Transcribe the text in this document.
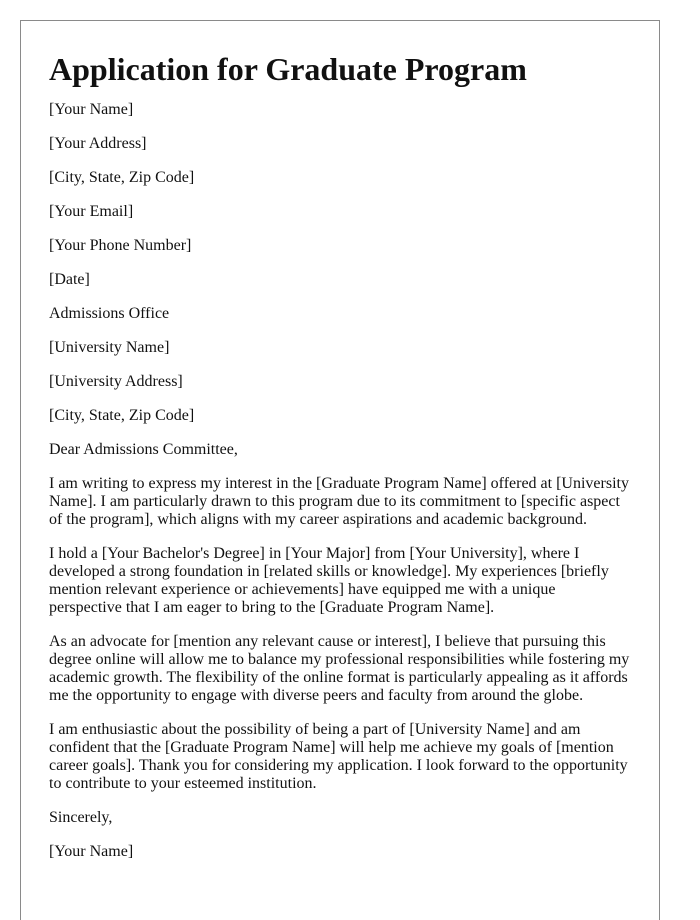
Application for Graduate Program

[Your Name]

[Your Address]

[City, State, Zip Code]

[Your Email]

[Your Phone Number]

[Date]

Admissions Office

[University Name]

[University Address]

[City, State, Zip Code]

Dear Admissions Committee,

I am writing to express my interest in the [Graduate Program Name] offered at [University Name]. I am particularly drawn to this program due to its commitment to [specific aspect of the program], which aligns with my career aspirations and academic background.

I hold a [Your Bachelor's Degree] in [Your Major] from [Your University], where I developed a strong foundation in [related skills or knowledge]. My experiences [briefly mention relevant experience or achievements] have equipped me with a unique perspective that I am eager to bring to the [Graduate Program Name].

As an advocate for [mention any relevant cause or interest], I believe that pursuing this degree online will allow me to balance my professional responsibilities while fostering my academic growth. The flexibility of the online format is particularly appealing as it affords me the opportunity to engage with diverse peers and faculty from around the globe.

I am enthusiastic about the possibility of being a part of [University Name] and am confident that the [Graduate Program Name] will help me achieve my goals of [mention career goals]. Thank you for considering my application. I look forward to the opportunity to contribute to your esteemed institution.

Sincerely,

[Your Name]
